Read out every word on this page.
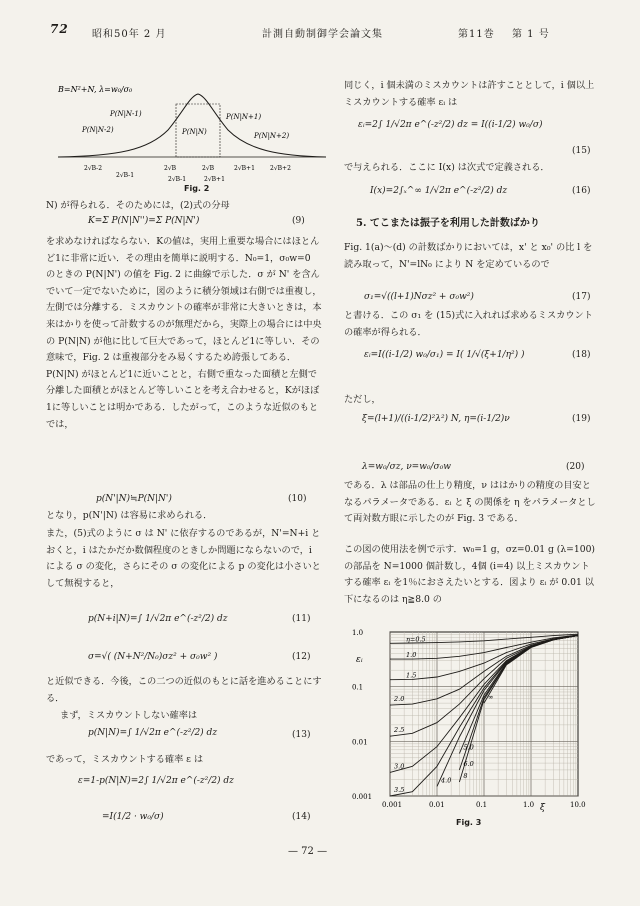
72 昭和50年 2 月	計測自動制御学会論文集	第11巻 第 1 号
B=N²+N, λ=w₀/σ₀
P(N|N-1)	P(N|N+1)
P(N|N-2)
P(N|N+2)
P(N|N)
2√B-2
2√B-1
2√B	2√B	2√B+1	2√B+2
2√B-1	2√B+1
Fig. 2
N) が得られる．そのためには，(2)式の分母
K=Σ P(N|N'')=Σ P(N|N')	(9)
を求めなければならない．Kの値は，実用上重要な場合にはほとんど1に非常に近い．その理由を簡単に説明する．N₀=1，σ₀w=0 のときの P(N|N') の値を Fig. 2 に曲線で示した．σ が N' を含んでいて一定でないために，図のように積分領域は右側では重複し，左側では分離する．ミスカウントの確率が非常に大きいときは，本来はかりを使って計数するのが無理だから，実際上の場合には中央の P(N|N) が他に比して巨大であって，ほとんど1に等しい．その意味で，Fig. 2 は重複部分をみ易くするため誇張してある．P(N|N) がほとんど1に近いことと，右側で重なった面積と左側で分離した面積とがほとんど等しいことを考え合わせると，Kがほぼ1に等しいことは明かである．したがって，このような近似のもとでは，
p(N'|N)≒P(N|N')	(10)
となり，p(N'|N) は容易に求められる．
また，(5)式のように σ は N' に依存するのであるが，N'=N+i とおくと，i はたかだか数個程度のときしか問題にならないので，i による σ の変化，さらにその σ の変化による p の変化は小さいとして無視すると，
p(N+i|N)=∫ 1/√2π e^(-z²/2) dz	(11)
σ=√( (N+N²/N₀)σz² + σ₀w² )	(12)
と近似できる．今後，この二つの近似のもとに話を進めることにする．
まず，ミスカウントしない確率は
p(N|N)=∫ 1/√2π e^(-z²/2) dz	(13)
であって，ミスカウントする確率 ε は
ε=1-p(N|N)=2∫ 1/√2π e^(-z²/2) dz
=I(1/2 · w₀/σ)	(14)
同じく，i 個未満のミスカウントは許すこととして，i 個以上ミスカウントする確率 εᵢ は
εᵢ=2∫ 1/√2π e^(-z²/2) dz = I((i-1/2) w₀/σ)
(15)
で与えられる．ここに I(x) は次式で定義される．
I(x)=2∫ₓ^∞ 1/√2π e^(-z²/2) dz	(16)
5. てこまたは振子を利用した計数ばかり
Fig. 1(a)～(d) の計数ばかりにおいては，x' と x₀' の比 l を読み取って，N'=lN₀ により N を定めているので
σ₁=√((l+1)Nσz² + σ₀w²)	(17)
と書ける．この σ₁ を (15)式に入れれば求めるミスカウントの確率が得られる．
εᵢ=I((i-1/2) w₀/σ₁) = I( 1/√(ξ+1/η²) )	(18)
ただし，
ξ=(l+1)/((i-1/2)²λ²) N, η=(i-1/2)ν	(19)
λ=w₀/σz, ν=w₀/σ₀w	(20)
である．λ は部品の仕上り精度，ν ははかりの精度の目安となるパラメータである．εᵢ と ξ の関係を η をパラメータとして両対数方眼に示したのが Fig. 3 である．
この図の使用法を例で示す．w₀=1 g，σz=0.01 g (λ=100) の部品を N=1000 個計数し，4個 (i=4) 以上ミスカウントする確率 εᵢ を1％におさえたいとする．図より εᵢ が 0.01 以下になるのは η≧8.0 の
0.001	0.01	0.1	1.0	10.0
0.001
0.01
0.1
1.0
η=0.5
1.0
1.5
2.0
2.5
3.0
3.5
4.0
5.0
6.0
8
∞
εᵢ
ξ
Fig. 3
— 72 —
